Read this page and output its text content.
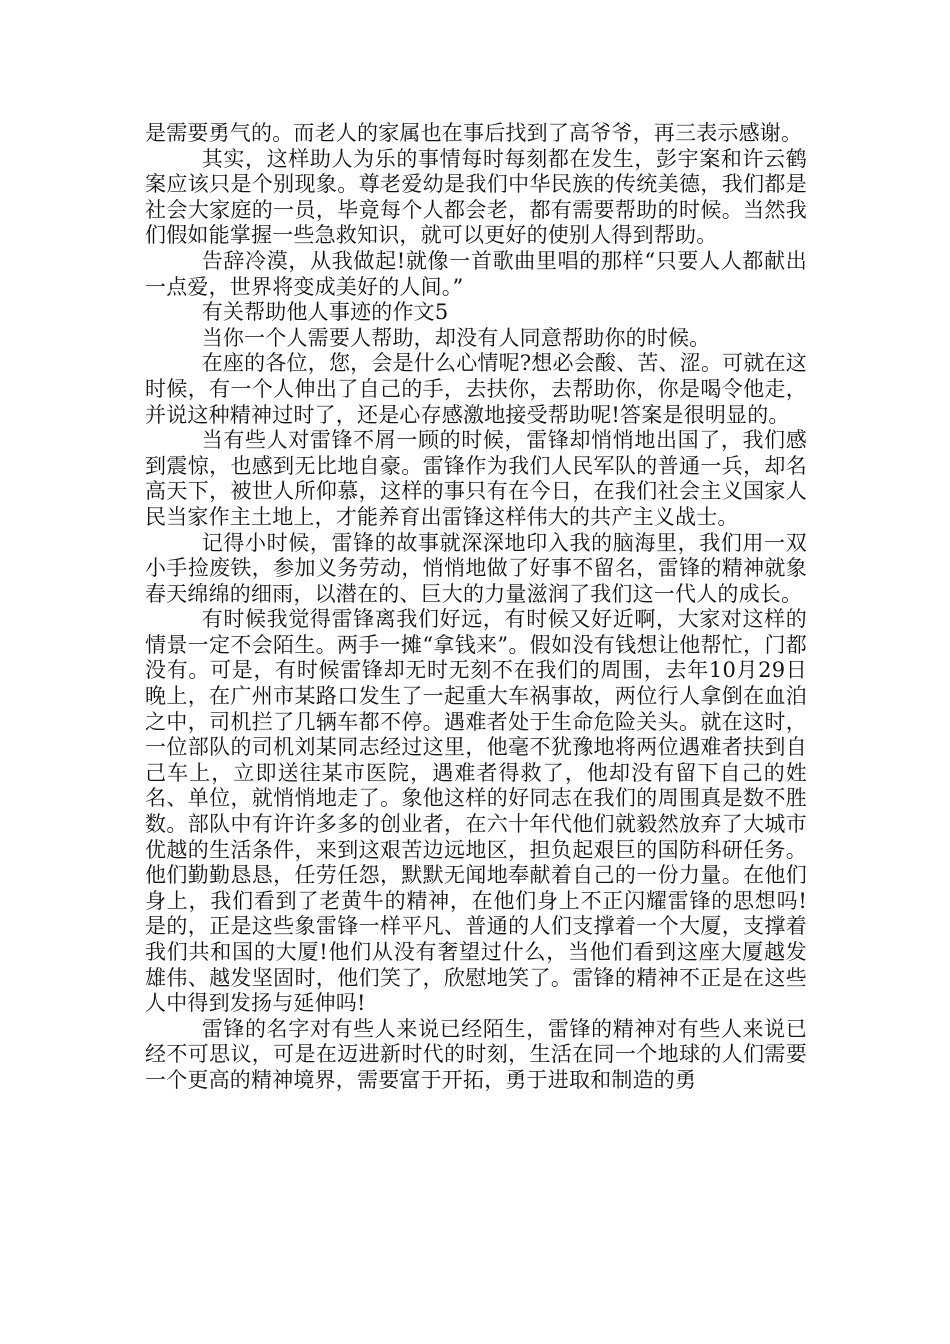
是需要勇气的。而老人的家属也在事后找到了高爷爷，再三表示感谢。

其实，这样助人为乐的事情每时每刻都在发生，彭宇案和许云鹤案应该只是个别现象。尊老爱幼是我们中华民族的传统美德，我们都是社会大家庭的一员，毕竟每个人都会老，都有需要帮助的时候。当然我们假如能掌握一些急救知识，就可以更好的使别人得到帮助。

告辞冷漠，从我做起!就像一首歌曲里唱的那样“只要人人都献出一点爱，世界将变成美好的人间。”

有关帮助他人事迹的作文5

当你一个人需要人帮助，却没有人同意帮助你的时候。

在座的各位，您，会是什么心情呢?想必会酸、苦、涩。可就在这时候，有一个人伸出了自己的手，去扶你，去帮助你，你是喝令他走，并说这种精神过时了，还是心存感激地接受帮助呢!答案是很明显的。

当有些人对雷锋不屑一顾的时候，雷锋却悄悄地出国了，我们感到震惊，也感到无比地自豪。雷锋作为我们人民军队的普通一兵，却名高天下，被世人所仰慕，这样的事只有在今日，在我们社会主义国家人民当家作主土地上，才能养育出雷锋这样伟大的共产主义战士。

记得小时候，雷锋的故事就深深地印入我的脑海里，我们用一双小手捡废铁，参加义务劳动，悄悄地做了好事不留名，雷锋的精神就象春天绵绵的细雨，以潜在的、巨大的力量滋润了我们这一代人的成长。

有时候我觉得雷锋离我们好远，有时候又好近啊，大家对这样的情景一定不会陌生。两手一摊“拿钱来”。假如没有钱想让他帮忙，门都没有。可是，有时候雷锋却无时无刻不在我们的周围，去年10月29日晚上，在广州市某路口发生了一起重大车祸事故，两位行人拿倒在血泊之中，司机拦了几辆车都不停。遇难者处于生命危险关头。就在这时，一位部队的司机刘某同志经过这里，他毫不犹豫地将两位遇难者扶到自己车上，立即送往某市医院，遇难者得救了，他却没有留下自己的姓名、单位，就悄悄地走了。象他这样的好同志在我们的周围真是数不胜数。部队中有许许多多的创业者，在六十年代他们就毅然放弃了大城市优越的生活条件，来到这艰苦边远地区，担负起艰巨的国防科研任务。他们勤勤恳恳，任劳任怨，默默无闻地奉献着自己的一份力量。在他们身上，我们看到了老黄牛的精神，在他们身上不正闪耀雷锋的思想吗!是的，正是这些象雷锋一样平凡、普通的人们支撑着一个大厦，支撑着我们共和国的大厦!他们从没有奢望过什么，当他们看到这座大厦越发雄伟、越发坚固时，他们笑了，欣慰地笑了。雷锋的精神不正是在这些人中得到发扬与延伸吗!

雷锋的名字对有些人来说已经陌生，雷锋的精神对有些人来说已经不可思议，可是在迈进新时代的时刻，生活在同一个地球的人们需要一个更高的精神境界，需要富于开拓，勇于进取和制造的勇
